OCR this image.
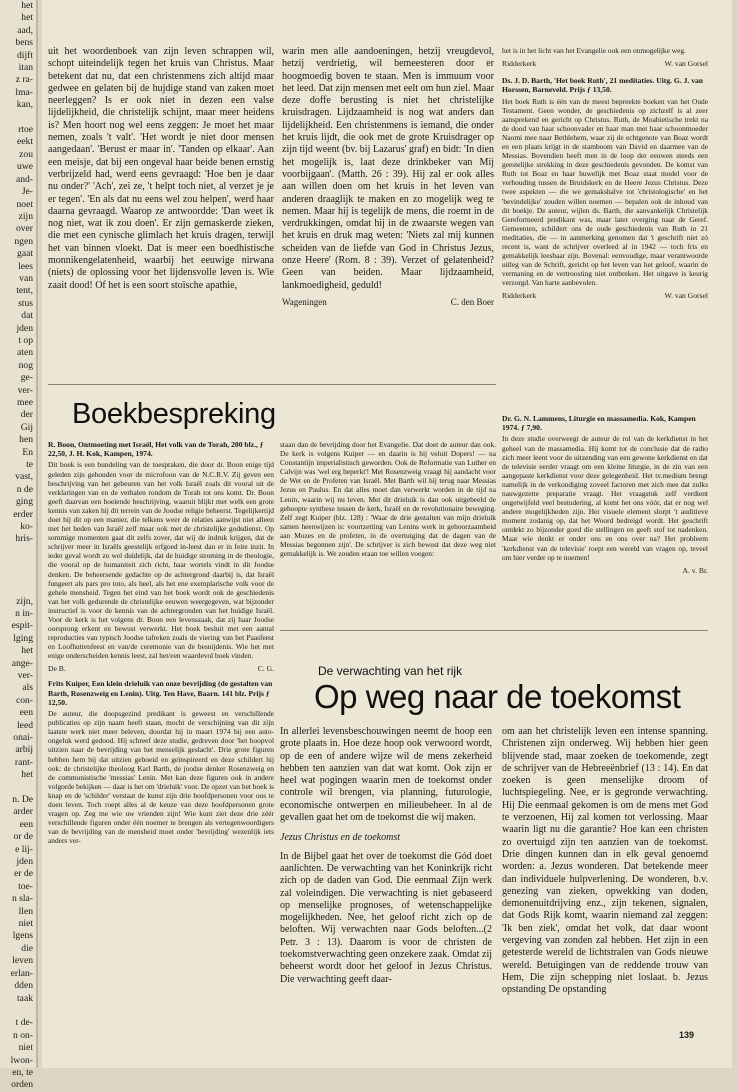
het
het
aad,
bens
dijft
itan
z ra-
lma-
kan,

rtoe
eekt
zou
uwe
and-
Je-
noet
zijn
over
ngen
gaat
lees
van
tent,
stus
dat
jden
t op
aten
nog
ge-
ver-
mee
der
Gij
hen
En
te
vast,
n de
ging
erder
ko-
hris-

zijn,
n in-
espit-
lging
het
ange-
ver-
als
con-
een
leed
onai-
arbij
rant-
het

n. De
arder
een
or de
e lij-
jden
er de
toe-
n sla-
llen
niet
lgens
die
leven
erlan-
dden
taak

t de-
n on-
niet
lwon-
en, te
orden

uit het woordenboek van zijn leven schrappen wil, schopt uiteindelijk tegen het kruis van Christus. Maar betekent dat nu, dat een christenmens zich altijd maar gedwee en gelaten bij de hujdige stand van zaken moet neerleggen? Is er ook niet in dezen een valse lijdelijkheid, die christelijk schijnt, maar meer heidens is? Men hoort nog wel eens zeggen: Je moet het maar nemen, zoals 't valt'. 'Het wordt je niet door mensen aangedaan'. 'Berust er maar in'. 'Tanden op elkaar'. Aan een meisje, dat bij een ongeval haar beide benen ernstig verbrijzeld had, werd eens gevraagd: 'Hoe ben je daar nu onder?' 'Ach', zei ze, 't helpt toch niet, al verzet je je er tegen'. 'En als dat nu eens wel zou helpen', werd haar daarna gevraagd. Waarop ze antwoordde: 'Dan weet ik nog niet, wat ik zou doen'. Er zijn gemaskerde zieken, die met een cynische glimlach het kruis dragen, terwijl het van binnen vloekt. Dat is meer een boedhistische monnikengelatenheid, waarbij het eeuwige nirwana (niets) de oplossing voor het lijdensvolle leven is. Wie zaait dood! Of het is een soort stoïsche apathie,

warin men alle aandoeningen, hetzij vreugdevol, hetzij verdrietig, wil bemeesteren door er hoogmoedig boven te staan. Men is immuum voor het leed. Dat zijn mensen met eelt om hun ziel. Maar deze doffe berusting is niet het christelijke kruisdragen. Lijdzaamheid is nog wat anders dan lijdelijkheid. Een christenmens is iemand, die onder het kruis lijdt, die ook met de grote Kruisdrager op zijn tijd weent (bv. bij Lazarus' graf) en bidt: 'In dien het mogelijk is, laat deze drinkbeker van Mij voorbijgaan'. (Matth. 26 : 39). Hij zal er ook alles aan willen doen om het kruis in het leven van anderen draaglijk te maken en zo mogelijk weg te nemen. Maar hij is tegelijk de mens, die roemt in de verdrukkingen, omdat hij in de zwaarste wegen van het kruis en druk mag weten: 'Niets zal mij kunnen scheiden van de liefde van God in Christus Jezus, onze Heere' (Rom. 8 : 39). Verzet of gelatenheid? Geen van beiden. Maar lijdzaamheid, lankmoedigheid, geduld!

Wageningen	C. den Boer

het is in het licht van het Evangelie ook een onmogelijke weg.

Ridderkerk	W. van Gorsel
Ds. J. D. Barth, 'Het boek Ruth', 21 meditaties. Uitg. G. J. van Horssen, Barneveld. Prijs ƒ 13,50.

Het boek Ruth is één van de meest bepreekte boeken van het Oude Testament. Geen wonder, de geschiedenis op zichzelf is al zeer aansprekend en gericht op Christus. Ruth, de Moabietische trekt na de dood van haar schoonvader en haar man met haar schoonmoeder Naomi mee naar Bethlehem, waar zij de echtgenote van Boaz wordt en een plaats krijgt in de stamboom van David en daarmee van de Messias. Bovendien heeft men in de loop der eeuwen steeds een geestelijke strekking in deze geschiedenis gevonden. De komst van Ruth tot Boaz en haar huwelijk met Boaz staat model voor de verhouding tussen de Bruidskerk en de Heere Jezus Christus. Deze twee aspekten — die we gemakshalve tot 'christologische' en het 'bevindelijke' zouden willen noemen — bepalen ook de inhoud van dit boekje. De auteur, wijlen ds. Barth, die aanvankelijk Christelijk Gereformeerd predikant was, maar later overging naar de Geref. Gemeenten, schildert ons de oude geschiedenis van Ruth in 21 meditaties, die — in aanmerking genomen dat 't geschrift niet zó recent is, want de schrijver overleed al in 1942 — toch fris en gemakkelijk leesbaar zijn. Bovenal: eenvoudige, maar verantwoorde uitleg van de Schrift, gericht op het leven van het geloof, waarin de vermaning en de vertroosting niet ontbreken. Het uitgave is keurig verzorgd. Van harte aanbevolen.

Ridderkerk	W. van Gorsel
Dr. G. N. Lammens, Liturgie en massamedia. Kok, Kampen 1974. ƒ 7,90.

In deze studie overweegt de auteur de rol van de kerkdienst in het geheel van de massamedia. Hij komt tot de conclusie dat de radio zich meer leent voor de uitzending van een gewone kerkdienst en dat de televisie eerder vraagt om een kleine liturgie, in de zin van een aangepaste kerkdienst voor deze gelegenheid. Het tv.medium brengt namelijk in de verkondiging zoveel factoren met zich mee dat zulks nauwgezette preparatie vraagt. Het vraagstuk zelf verdient ongetwijfeld veel bestudering, al komt het ons vóór, dat er nog wel andere mogelijkheden zijn. Het visuele element slorpt 't auditieve moment zodanig op, dat het Woord bedreigd wordt. Het geschrift ontdekt zo bijzonder goed die stellingen en geeft stof tot nadenken. Maar wie denkt er onder ons en ons over na? Het probleem 'kerkdienst van de televisie' roept een wereld van vragen op, teveel om hier verder op te noemen!

A. v. Br.
Boekbespreking
R. Boon, Ontmoeting met Israël, Het volk van de Torah, 200 blz., ƒ 22,50, J. H. Kok, Kampen, 1974.

Dit boek is een bundeling van de toespraken, die door dr. Boon enige tijd geleden zijn gehouden voor de microfoon van de N.C.R.V. Zij geven een beschrijving van het gebeuren van het volk Israël zoals dit vooral uit de verklaringen van en de verhalen rondom de Torah tot ons komt. Dr. Boon geeft daarvan een boeiende beschrijving, waaruit blijkt met welk een grote kennis van zaken hij dit terrein van de Joodse religie beheerst. Tegelijkertijd doet hij dit op een manier, die telkens weer de relaties aanwijst niet alleen met het heden van Israël zelf maar ook met de christelijke godsdienst. Op sommige momenten gaat dit zelfs zover, dat wij de indruk krijgen, dat de schrijver meer in Israëls geestelijk erfgoed in-leest dan er in feite inzit. In ieder geval wordt zo wel duidelijk, dat de huidige stroming in de theologie, die vooral op de humaniteit zich richt, haar wortels vindt in dit Joodse denken. De beheersende gedachte op de achtergrond daarbij is, dat Israël fungeert als pars pro toto, als heel, als het ene exemplarische volk voor de gehele mensheid. Tegen het eind van het boek wordt ook de geschiedenis van het volk gedurende de christelijke eeuwen weergegeven, wat bijzonder instructief is voor de kennis van de achtergronden van het huidige Israël. Voor de kerk is het volgens dr. Boon een levenszaak, dat zij haar Joodse oorsprong erkent en bewust verwerkt. Het boek besluit met een aantal reproducties van typisch Joodse tafreken zoals de viering van het Paasfeest en Loofhuttenfeest en van/de ceremonie van de besnijdenis. Wie het met enige onderscheiden kennis leest, zal het/een waardevol boek vinden.

De B.	C. G.
Frits Kuiper, Een klein drieluik van onze bevrijding (de gestalten van Barth, Rosenzweig en Lenin). Uitg. Ten Have, Baarn. 141 blz. Prijs ƒ 12,50.

De auteur, die doopsgezind predikant is geweest en verschillende publicaties op zijn naam heeft staan, mocht de verschijning van dit zijn laatste werk niet meer beleven, doordat hij in maart 1974 bij een auto-ongeluk werd gedood. Hij schreef deze studie, gedreven door 'het hoopvol uitzien naar de bevrijding van het menselijk geslacht'. Drie grote figuren hebben hem bij dat uitzien geboeid en geïnspireerd en deze schildert hij ook: de christelijke theoloog Karl Barth, de joodse denker Rosenzweig en de communistische 'messias' Lenin. Met kan deze figuren ook in andere volgorde bekijken — daar is het om 'drieluik' voor. De opzet van het boek is knap en de 'schilder' verstaat de kunst zijn drie hoofdpersonen voor ons te doen leven. Toch roept alles al de keuze van deze hoofdpersonen grote vragen op. Zeg me wie uw vrienden zijn! Wie kunt ziet deze drie zéér verschillende figuren onder één noemer te brengen als vertegenwoordigers van de bevrijding van de mensheid moet onder 'bevrijding' wezenlijk iets anders ver-

staan dan de bevrijding door het Evangelie. Dat doet de auteur dan ook. De kerk is volgens Kuiper — en daarin is hij veluit Dopers! — na Constantijn imperialistisch geworden. Ook de Reformatie van Luther en Calvijn was 'wel erg beperkt'! Met Rosenzweig vraagt hij aandacht voor de Wet en de Profeten van Israël. Met Barth wil hij terug naar Messias Jezus en Paulus. En dat alles moet dan verwerkt worden in de tijd na Lenin, waarin wij nu leven. Met dit drieluik is dan ook uitgebeeld de gehoopte synthese tussen de kerk, Israël en de revolutionaire beweging. Zelf zegt Kuiper (blz. 128) : 'Waar de drie gestalten van mijn drieluik samen heenwijzen is: voortzetting van Lenins werk in gehoorzaamheid aan Mozes en de profeten, in de overtuiging dat de dagen van de Messias begonnen zijn'. De schrijver is zich bewust dat deze weg niet gemakkelijk is. We zouden eraan toe willen voegen:

De verwachting van het rijk
Op weg naar de toekomst

In allerlei levensbeschouwingen neemt de hoop een grote plaats in. Hoe deze hoop ook verwoord wordt, op de een of andere wijze wil de mens zekerheid hebben ten aanzien van dat wat komt. Ook zijn er heel wat pogingen waarin men de toekomst onder controle wil brengen, via planning, futurologie, economische ontwerpen en milieubeheer. In al de gevallen gaat het om de toekomst die wij maken.

Jezus Christus en de toekomst

In de Bijbel gaat het over de toekomst die Gód doet aanlichten. De verwachting van het Koninkrijk richt zich op de daden van God. Die eenmaal Zijn werk zal voleindigen. Die verwachting is niet gebaseerd op menselijke prognoses, of wetenschappelijke mogelijkheden. Nee, het geloof richt zich op de beloften. Wij verwachten naar Gods beloften...(2 Petr. 3 : 13). Daarom is voor de christen de toekomstverwachting geen onzekere zaak. Omdat zij beheerst wordt door het geloof in Jezus Christus. Die verwachting geeft daar-

om aan het christelijk leven een intense spanning. Christenen zijn onderweg. Wij hebben hier geen blijvende stad, maar zoeken de toekomende, zegt de schrijver van de Hebreeënbrief (13 : 14). En dat zoeken is geen menselijke droom of luchtspiegeling. Nee, er is gegronde verwachting. Hij Die eenmaal gekomen is om de mens met God te verzoenen, Hij zal komen tot verlossing. Maar waarin ligt nu die garantie? Hoe kan een christen zo overtuigd zijn ten aanzien van de toekomst. Drie dingen kunnen dan in elk geval genoemd worden: a. Jezus wonderen. Dat betekende meer dan individuele hulpverlening. De wonderen, b.v. genezing van zieken, opwekking van doden, demonenuitdrijving enz., zijn tekenen, signalen, dat Gods Rijk komt, waarin niemand zal zeggen: 'Ik ben ziek', omdat het volk, dat daar woont vergeving van zonden zal hebben. Het zijn in een getesterde wereld de lichtstralen van Gods nieuwe wereld. Betuigingen van de reddende trouw van Hem, Die zijn schepping niet loslaat. b. Jezus opstanding De opstanding

139
